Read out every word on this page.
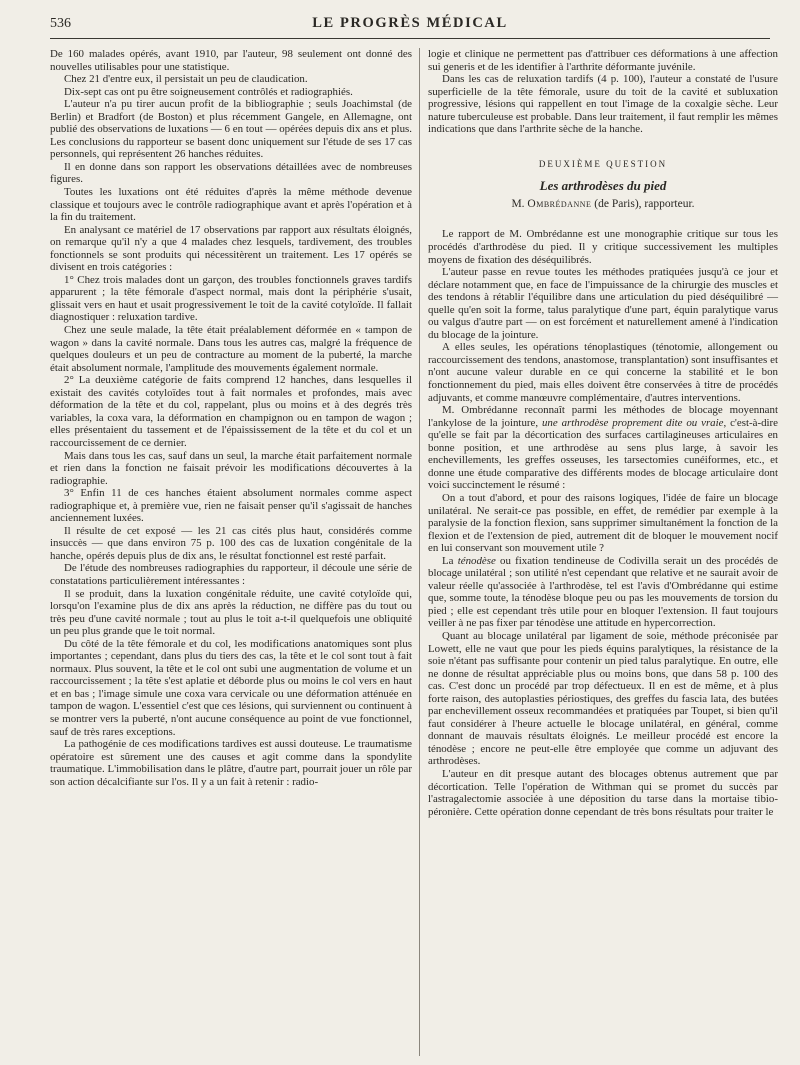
536	LE PROGRÈS MÉDICAL

De 160 malades opérés, avant 1910, par l'auteur, 98 seulement ont donné des nouvelles utilisables pour une statistique.

Chez 21 d'entre eux, il persistait un peu de claudication.

Dix-sept cas ont pu être soigneusement contrôlés et radiographiés.

L'auteur n'a pu tirer aucun profit de la bibliographie ; seuls Joachimstal (de Berlin) et Bradfort (de Boston) et plus récemment Gangele, en Allemagne, ont publié des observations de luxations — 6 en tout — opérées depuis dix ans et plus. Les conclusions du rapporteur se basent donc uniquement sur l'étude de ses 17 cas personnels, qui représentent 26 hanches réduites.

Il en donne dans son rapport les observations détaillées avec de nombreuses figures.

Toutes les luxations ont été réduites d'après la même méthode devenue classique et toujours avec le contrôle radiographique avant et après l'opération et à la fin du traitement.

En analysant ce matériel de 17 observations par rapport aux résultats éloignés, on remarque qu'il n'y a que 4 malades chez lesquels, tardivement, des troubles fonctionnels se sont produits qui nécessitèrent un traitement. Les 17 opérés se divisent en trois catégories :

1° Chez trois malades dont un garçon, des troubles fonctionnels graves tardifs apparurent ; la tête fémorale d'aspect normal, mais dont la périphérie s'usait, glissait vers en haut et usait progressivement le toit de la cavité cotyloïde. Il fallait diagnostiquer : reluxation tardive.

Chez une seule malade, la tête était préalablement déformée en « tampon de wagon » dans la cavité normale. Dans tous les autres cas, malgré la fréquence de quelques douleurs et un peu de contracture au moment de la puberté, la marche était absolument normale, l'amplitude des mouvements également normale.

2° La deuxième catégorie de faits comprend 12 hanches, dans lesquelles il existait des cavités cotyloïdes tout à fait normales et profondes, mais avec déformation de la tête et du col, rappelant, plus ou moins et à des degrés très variables, la coxa vara, la déformation en champignon ou en tampon de wagon ; elles présentaient du tassement et de l'épaississement de la tête et du col et un raccourcissement de ce dernier.

Mais dans tous les cas, sauf dans un seul, la marche était parfaitement normale et rien dans la fonction ne faisait prévoir les modifications découvertes à la radiographie.

3° Enfin 11 de ces hanches étaient absolument normales comme aspect radiographique et, à première vue, rien ne faisait penser qu'il s'agissait de hanches anciennement luxées.

Il résulte de cet exposé — les 21 cas cités plus haut, considérés comme insuccès — que dans environ 75 p. 100 des cas de luxation congénitale de la hanche, opérés depuis plus de dix ans, le résultat fonctionnel est resté parfait.

De l'étude des nombreuses radiographies du rapporteur, il découle une série de constatations particulièrement intéressantes :

Il se produit, dans la luxation congénitale réduite, une cavité cotyloïde qui, lorsqu'on l'examine plus de dix ans après la réduction, ne diffère pas du tout ou très peu d'une cavité normale ; tout au plus le toit a-t-il quelquefois une obliquité un peu plus grande que le toit normal.

Du côté de la tête fémorale et du col, les modifications anatomiques sont plus importantes ; cependant, dans plus du tiers des cas, la tête et le col sont tout à fait normaux. Plus souvent, la tête et le col ont subi une augmentation de volume et un raccourcissement ; la tête s'est aplatie et déborde plus ou moins le col vers en haut et en bas ; l'image simule une coxa vara cervicale ou une déformation atténuée en tampon de wagon. L'essentiel c'est que ces lésions, qui surviennent ou continuent à se montrer vers la puberté, n'ont aucune conséquence au point de vue fonctionnel, sauf de très rares exceptions.

La pathogénie de ces modifications tardives est aussi douteuse. Le traumatisme opératoire est sûrement une des causes et agit comme dans la spondylite traumatique. L'immobilisation dans le plâtre, d'autre part, pourrait jouer un rôle par son action décalcifiante sur l'os. Il y a un fait à retenir : radio-

logie et clinique ne permettent pas d'attribuer ces déformations à une affection sui generis et de les identifier à l'arthrite déformante juvénile.

Dans les cas de reluxation tardifs (4 p. 100), l'auteur a constaté de l'usure superficielle de la tête fémorale, usure du toit de la cavité et subluxation progressive, lésions qui rappellent en tout l'image de la coxalgie sèche. Leur nature tuberculeuse est probable. Dans leur traitement, il faut remplir les mêmes indications que dans l'arthrite sèche de la hanche.

DEUXIÈME QUESTION
Les arthrodèses du pied
M. Ombrédanne (de Paris), rapporteur.

Le rapport de M. Ombrédanne est une monographie critique sur tous les procédés d'arthrodèse du pied. Il y critique successivement les multiples moyens de fixation des déséquilibrés.

L'auteur passe en revue toutes les méthodes pratiquées jusqu'à ce jour et déclare notamment que, en face de l'impuissance de la chirurgie des muscles et des tendons à rétablir l'équilibre dans une articulation du pied déséquilibré — quelle qu'en soit la forme, talus paralytique d'une part, équin paralytique varus ou valgus d'autre part — on est forcément et naturellement amené à l'indication du blocage de la jointure.

A elles seules, les opérations ténoplastiques (ténotomie, allongement ou raccourcissement des tendons, anastomose, transplantation) sont insuffisantes et n'ont aucune valeur durable en ce qui concerne la stabilité et le bon fonctionnement du pied, mais elles doivent être conservées à titre de procédés adjuvants, et comme manœuvre complémentaire, d'autres interventions.

M. Ombrédanne reconnaît parmi les méthodes de blocage moyennant l'ankylose de la jointure, une arthrodèse proprement dite ou vraie, c'est-à-dire qu'elle se fait par la décortication des surfaces cartilagineuses articulaires en bonne position, et une arthrodèse au sens plus large, à savoir les enchevillements, les greffes osseuses, les tarsectomies cunéiformes, etc., et donne une étude comparative des différents modes de blocage articulaire dont voici succinctement le résumé :

On a tout d'abord, et pour des raisons logiques, l'idée de faire un blocage unilatéral. Ne serait-ce pas possible, en effet, de remédier par exemple à la paralysie de la fonction flexion, sans supprimer simultanément la fonction de la flexion et de l'extension de pied, autrement dit de bloquer le mouvement nocif en lui conservant son mouvement utile ?

La ténodèse ou fixation tendineuse de Codivilla serait un des procédés de blocage unilatéral ; son utilité n'est cependant que relative et ne saurait avoir de valeur réelle qu'associée à l'arthrodèse, tel est l'avis d'Ombrédanne qui estime que, somme toute, la ténodèse bloque peu ou pas les mouvements de torsion du pied ; elle est cependant très utile pour en bloquer l'extension. Il faut toujours veiller à ne pas fixer par ténodèse une attitude en hypercorrection.

Quant au blocage unilatéral par ligament de soie, méthode préconisée par Lowett, elle ne vaut que pour les pieds équins paralytiques, la résistance de la soie n'étant pas suffisante pour contenir un pied talus paralytique. En outre, elle ne donne de résultat appréciable plus ou moins bons, que dans 58 p. 100 des cas. C'est donc un procédé par trop défectueux. Il en est de même, et à plus forte raison, des autoplasties périostiques, des greffes du fascia lata, des butées par enchevillement osseux recommandées et pratiquées par Toupet, si bien qu'il faut considérer à l'heure actuelle le blocage unilatéral, en général, comme donnant de mauvais résultats éloignés. Le meilleur procédé est encore la ténodèse ; encore ne peut-elle être employée que comme un adjuvant des arthrodèses.

L'auteur en dit presque autant des blocages obtenus autrement que par décortication. Telle l'opération de Withman qui se promet du succès par l'astragalectomie associée à une déposition du tarse dans la mortaise tibio-péronière. Cette opération donne cependant de très bons résultats pour traiter le
